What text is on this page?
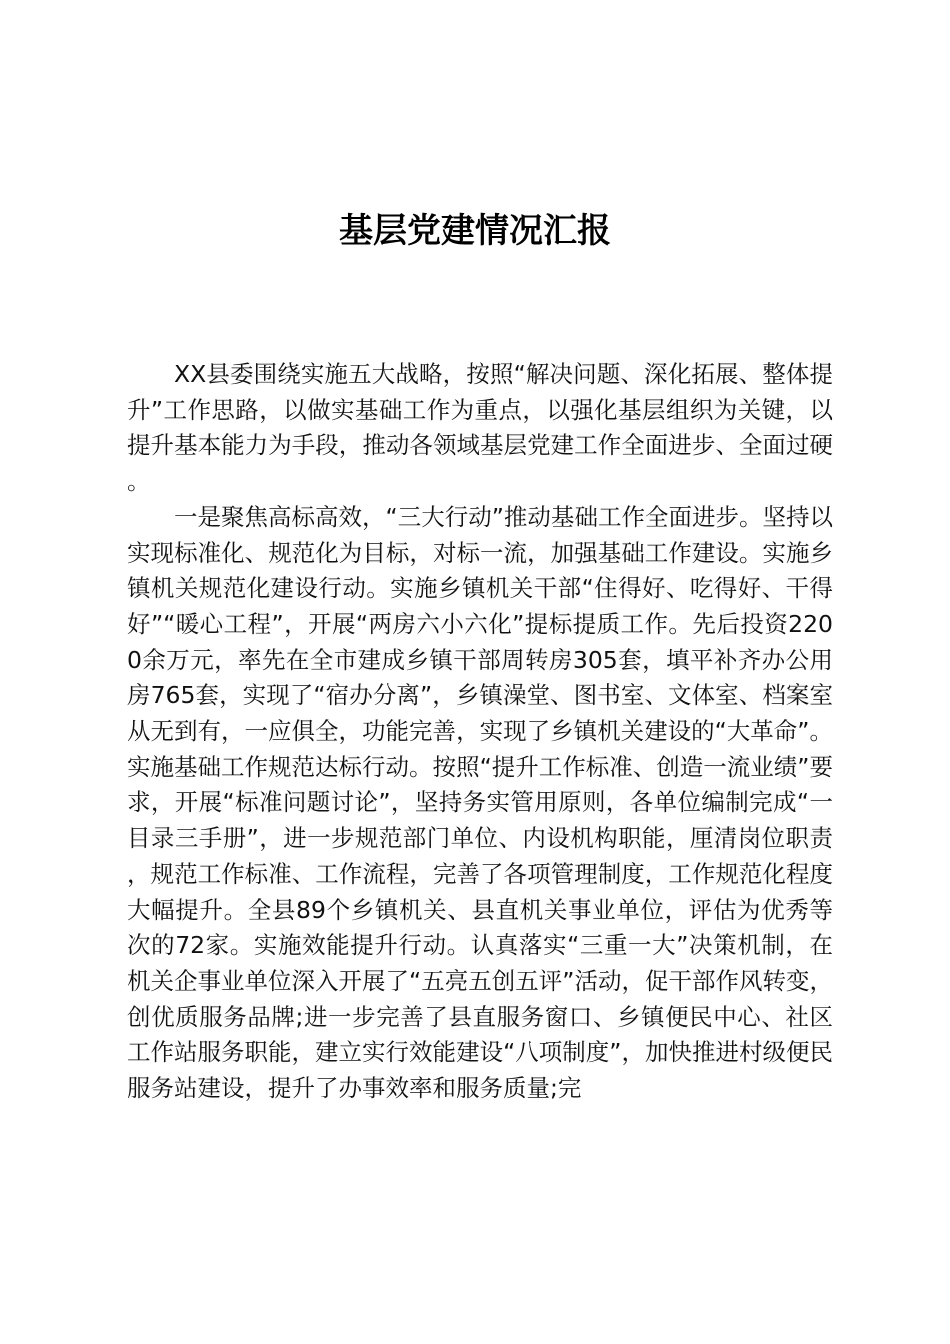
基层党建情况汇报

XX县委围绕实施五大战略，按照“解决问题、深化拓展、整体提升”工作思路，以做实基础工作为重点，以强化基层组织为关键，以提升基本能力为手段，推动各领域基层党建工作全面进步、全面过硬。

一是聚焦高标高效，“三大行动”推动基础工作全面进步。坚持以实现标准化、规范化为目标，对标一流，加强基础工作建设。实施乡镇机关规范化建设行动。实施乡镇机关干部“住得好、吃得好、干得好”“暖心工程”，开展“两房六小六化”提标提质工作。先后投资2200余万元，率先在全市建成乡镇干部周转房305套，填平补齐办公用房765套，实现了“宿办分离”，乡镇澡堂、图书室、文体室、档案室从无到有，一应俱全，功能完善，实现了乡镇机关建设的“大革命”。实施基础工作规范达标行动。按照“提升工作标准、创造一流业绩”要求，开展“标准问题讨论”，坚持务实管用原则，各单位编制完成“一目录三手册”，进一步规范部门单位、内设机构职能，厘清岗位职责，规范工作标准、工作流程，完善了各项管理制度，工作规范化程度大幅提升。全县89个乡镇机关、县直机关事业单位，评估为优秀等次的72家。实施效能提升行动。认真落实“三重一大”决策机制，在机关企事业单位深入开展了“五亮五创五评”活动，促干部作风转变，创优质服务品牌;进一步完善了县直服务窗口、乡镇便民中心、社区工作站服务职能，建立实行效能建设“八项制度”，加快推进村级便民服务站建设，提升了办事效率和服务质量;完
